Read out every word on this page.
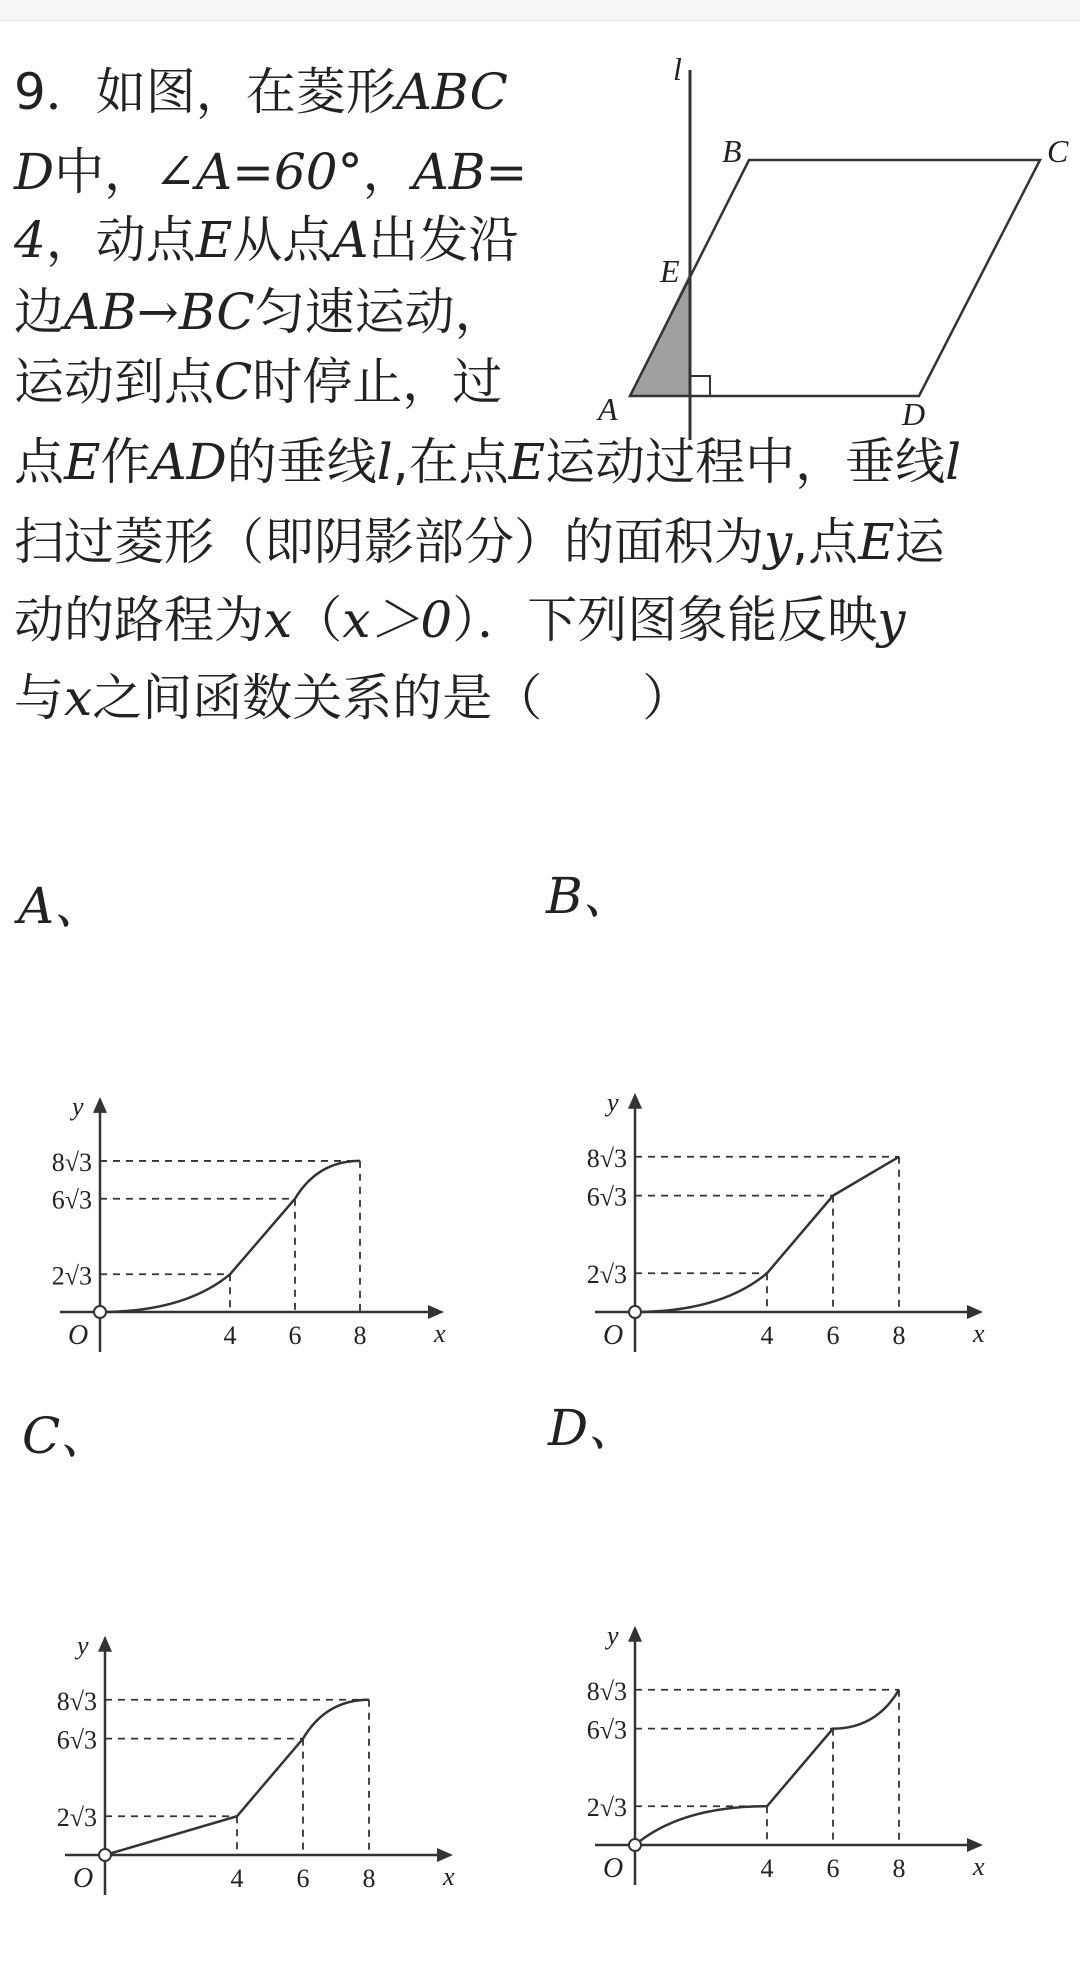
9．如图，在菱形ABC
D中，∠A=60°，AB=
4，动点E从点A出发沿
边AB→BC匀速运动，
运动到点C时停止，过
点E作AD的垂线l,在点E运动过程中，垂线l
扫过菱形（即阴影部分）的面积为y,点E运
动的路程为x（x＞0）．下列图象能反映y
与x之间函数关系的是（　　）
l
B	C
E
A	D
A、	B、
C、	D、
x
y
O	4 6 8
2√3
6√3
8√3
x
y
O	4 6 8
2√3
6√3
8√3
x
y
O	4 6 8
2√3
6√3
8√3
x
y
O	4 6 8
2√3
6√3
8√3
